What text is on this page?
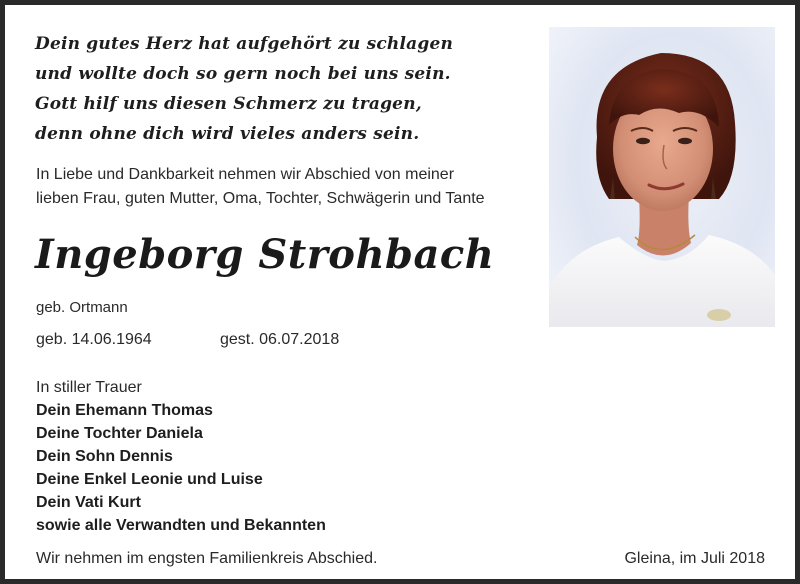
Dein gutes Herz hat aufgehört zu schlagen
und wolltе doch so gern noch bei uns sein.
Gott hilf uns diesen Schmerz zu tragen,
denn ohne dich wird vieles anders sein.
In Liebe und Dankbarkeit nehmen wir Abschied von meiner
lieben Frau, guten Mutter, Oma, Tochter, Schwägerin und Tante
Ingeborg Strohbach
geb. Ortmann
geb. 14.06.1964	gest. 06.07.2018
In stiller Trauer
Dein Ehemann Thomas
Deine Tochter Daniela
Dein Sohn Dennis
Deine Enkel Leonie und Luise
Dein Vati Kurt
sowie alle Verwandten und Bekannten
Wir nehmen im engsten Familienkreis Abschied.	Gleina, im Juli 2018
